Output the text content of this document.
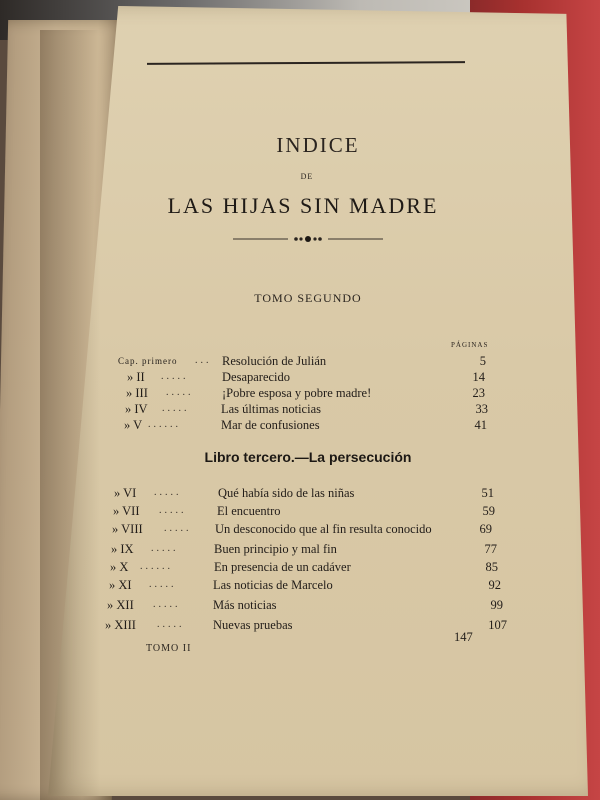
INDICE
DE
LAS HIJAS SIN MADRE
TOMO SEGUNDO
PÁGINAS
Cap. primero ... Resolución de Julián	5
» II .....	Desaparecido	14
» III ..... ¡Pobre esposa y pobre madre!	23
» IV .....	Las últimas noticias	33
» V ......	Mar de confusiones	41
Libro tercero.—La persecución
» VI .....	Qué había sido de las niñas	51
» VII ..... El encuentro	59
» VIII ..... Un desconocido que al fin resulta conocido	69
» IX .....	Buen principio y mal fin	77
» X ......	En presencia de un cadáver	85
» XI .....	Las noticias de Marcelo	92
» XII .....	Más noticias	99
» XIII ..... Nuevas pruebas	107
TOMO II
147
